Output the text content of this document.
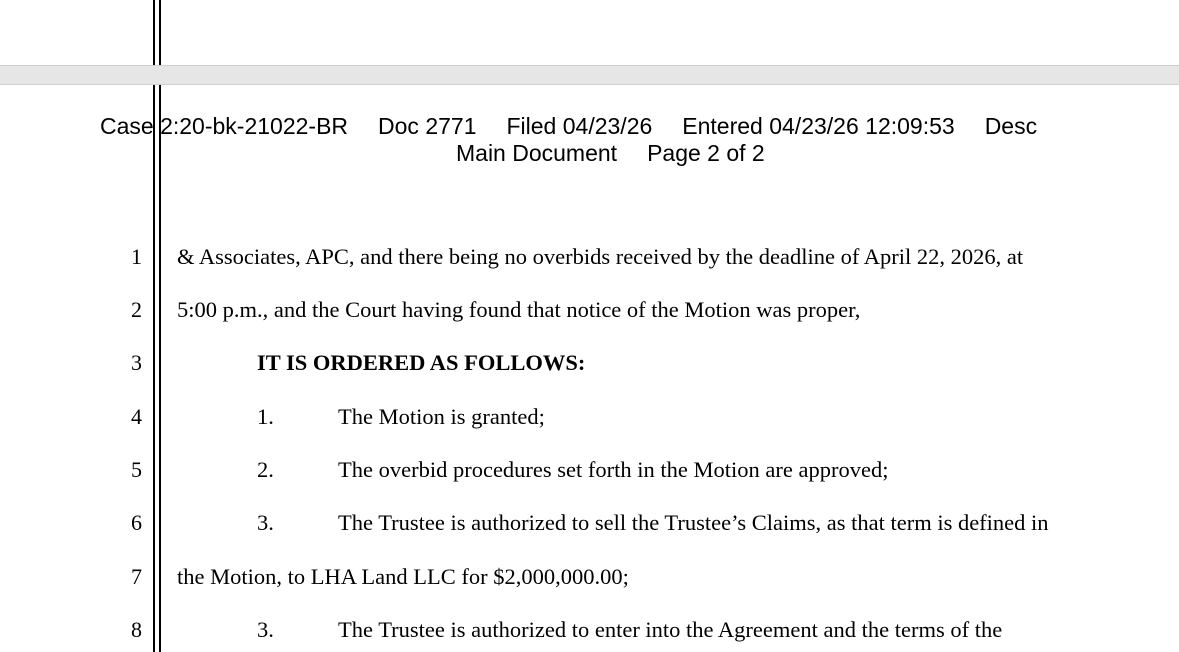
Case 2:20-bk-21022-BR Doc 2771 Filed 04/23/26 Entered 04/23/26 12:09:53 Desc
Main Document Page 2 of 2
1
2
3
4
5
6
7
8
& Associates, APC, and there being no overbids received by the deadline of April 22, 2026, at
5:00 p.m., and the Court having found that notice of the Motion was proper,
IT IS ORDERED AS FOLLOWS:
1.	The Motion is granted;
2.	The overbid procedures set forth in the Motion are approved;
3.	The Trustee is authorized to sell the Trustee’s Claims, as that term is defined in
the Motion, to LHA Land LLC for $2,000,000.00;
3.	The Trustee is authorized to enter into the Agreement and the terms of the
